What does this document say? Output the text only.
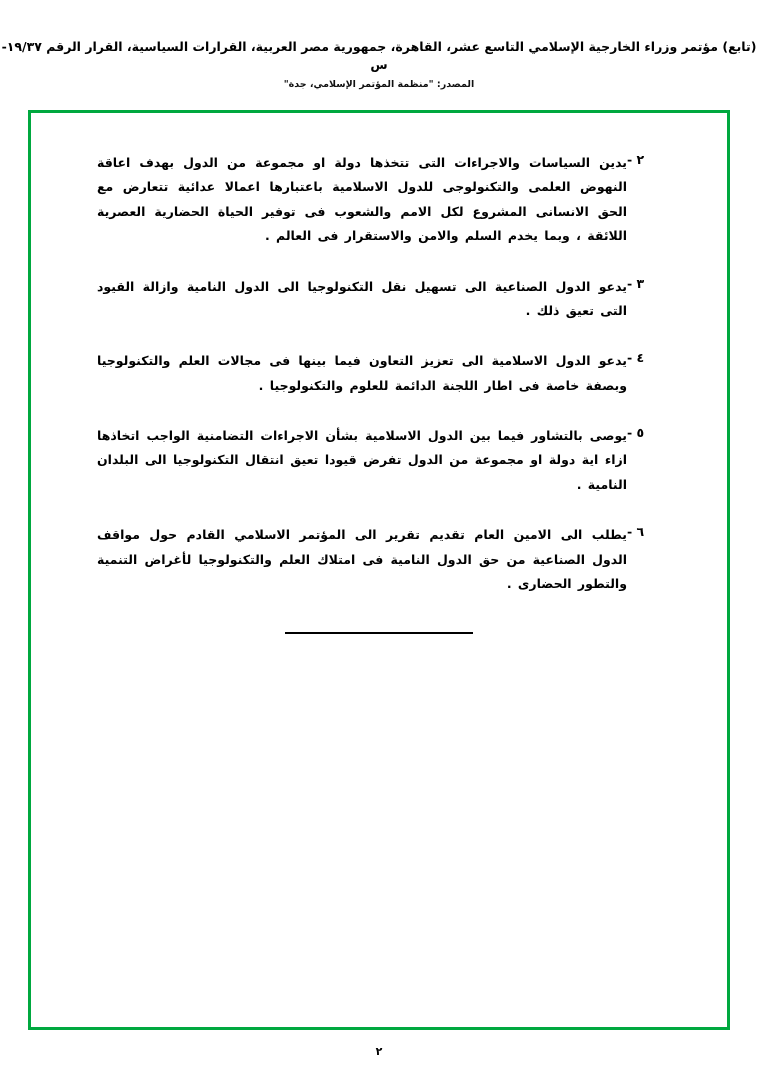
(تابع) مؤتمر وزراء الخارجية الإسلامي التاسع عشر، القاهرة، جمهورية مصر العربية، القرارات السياسية، القرار الرقم ١٩/٣٧-س
المصدر: "منظمة المؤتمر الإسلامي، جدة"
٢ -
يدين السياسات والاجراءات التى تتخذها دولة او مجموعة من الدول بهدف اعاقة النهوض العلمى والتكنولوجى للدول الاسلامية باعتبارها اعمالا عدائية تتعارض مع الحق الانسانى المشروع لكل الامم والشعوب فى توفير الحياة الحضارية العصرية اللائقة ، وبما يخدم السلم والامن والاستقرار فى العالم .
٣ -
يدعو الدول الصناعية الى تسهيل نقل التكنولوجيا الى الدول النامية وازالة القيود التى تعيق ذلك .
٤ -
يدعو الدول الاسلامية الى تعزيز التعاون فيما بينها فى مجالات العلم والتكنولوجيا وبصفة خاصة فى اطار اللجنة الدائمة للعلوم والتكنولوجيا .
٥ -
يوصى بالتشاور فيما بين الدول الاسلامية بشأن الاجراءات التضامنية الواجب اتخاذها ازاء اية دولة او مجموعة من الدول تفرض قيودا تعيق انتقال التكنولوجيا الى البلدان النامية .
٦ -
يطلب الى الامين العام تقديم تقرير الى المؤتمر الاسلامي القادم حول مواقف الدول الصناعية من حق الدول النامية فى امتلاك العلم والتكنولوجيا لأغراض التنمية والتطور الحضارى .
٢
